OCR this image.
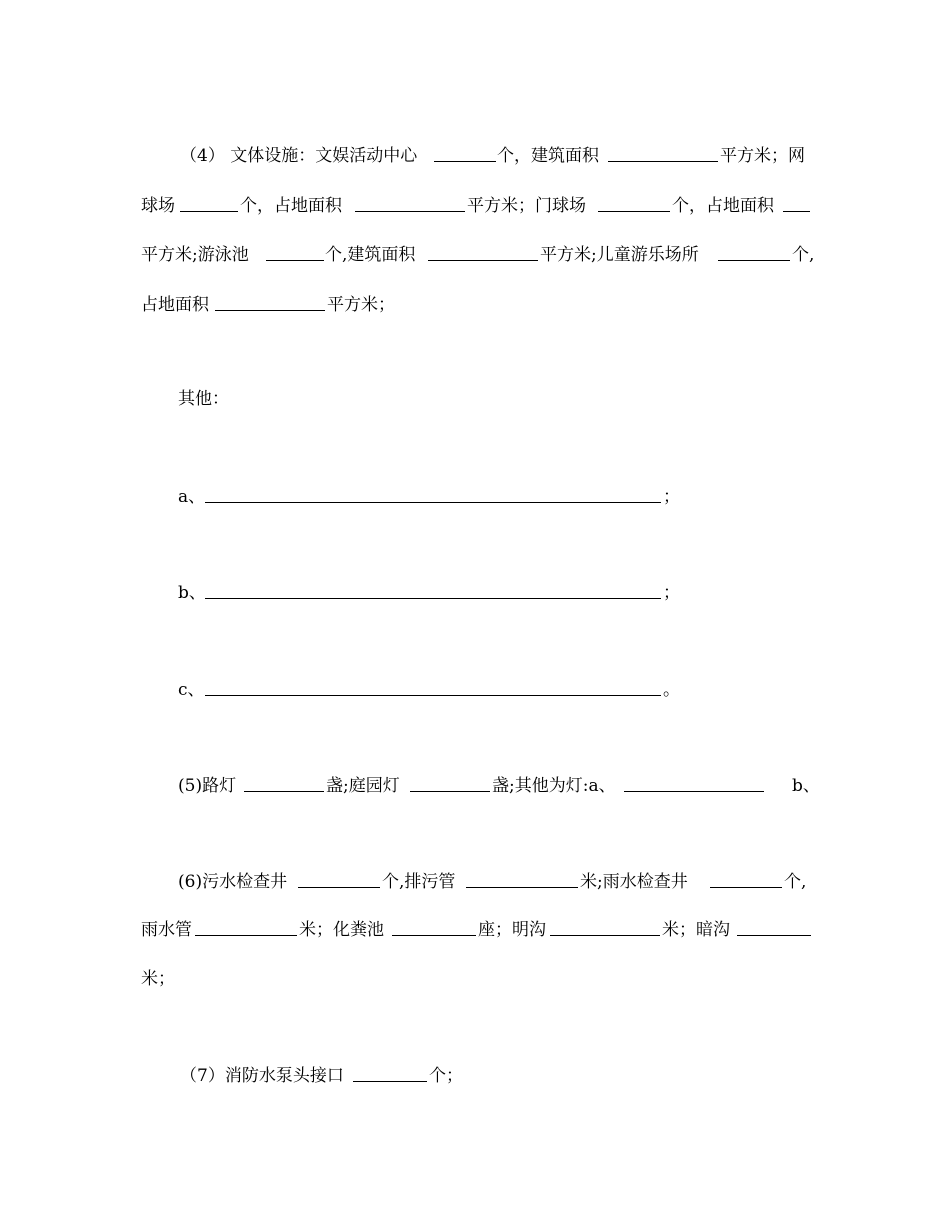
（4） 文体设施：文娱活动中心	个，建筑面积	平方米；网
球场	个，占地面积	平方米；门球场	个，占地面积
平方米;游泳池	个,建筑面积	平方米;儿童游乐场所	个,
占地面积	平方米；
其他：
a、	；
b、	；
c、	。
(5)路灯	盏;庭园灯	盏;其他为灯:a、	b、
(6)污水检查井	个,排污管	米;雨水检查井	个,
雨水管	米；化粪池	座；明沟	米；暗沟
米；
（7）消防水泵头接口	个；
